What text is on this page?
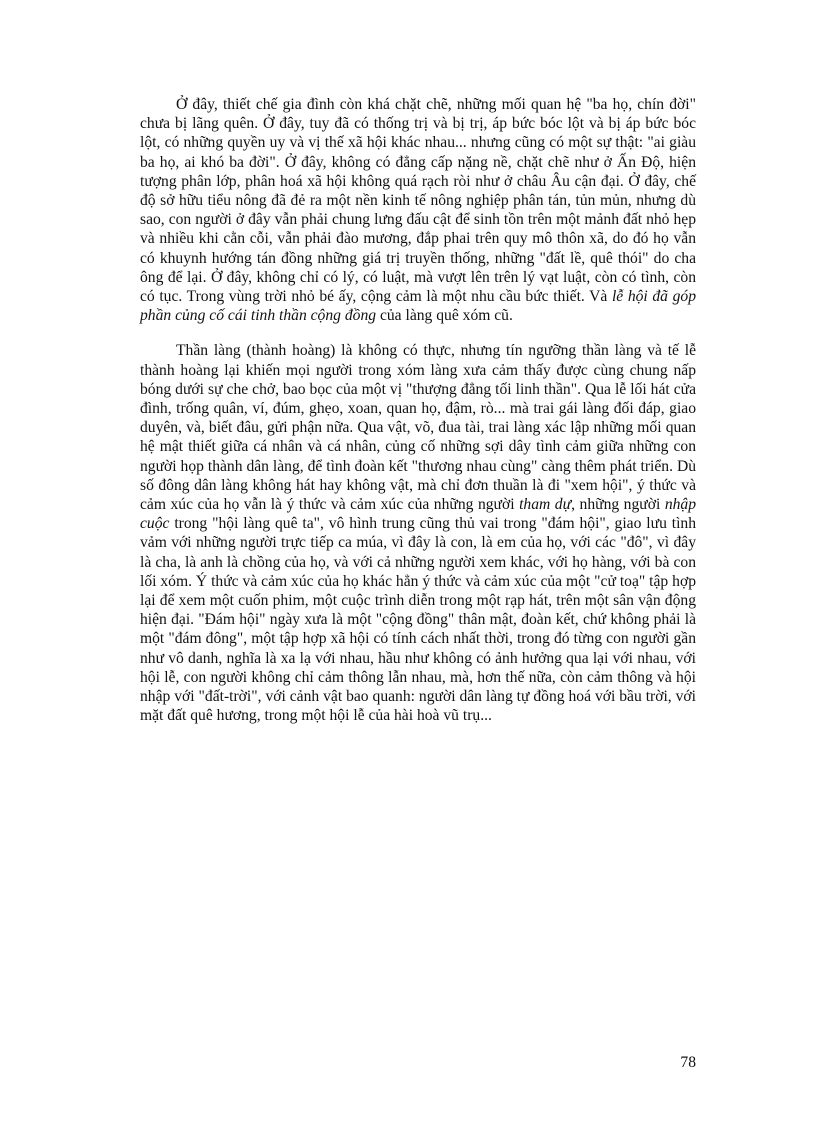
Ở đây, thiết chế gia đình còn khá chặt chẽ, những mối quan hệ "ba họ, chín đời" chưa bị lãng quên. Ở đây, tuy đã có thống trị và bị trị, áp bức bóc lột và bị áp bức bóc lột, có những quyền uy và vị thế xã hội khác nhau... nhưng cũng có một sự thật: "ai giàu ba họ, ai khó ba đời". Ở đây, không có đẳng cấp nặng nề, chặt chẽ như ở Ấn Độ, hiện tượng phân lớp, phân hoá xã hội không quá rạch ròi như ở châu Âu cận đại. Ở đây, chế độ sở hữu tiểu nông đã đẻ ra một nền kinh tế nông nghiệp phân tán, tủn mủn, nhưng dù sao, con người ở đây vẫn phải chung lưng đấu cật để sinh tồn trên một mảnh đất nhỏ hẹp và nhiều khi cằn cỗi, vẫn phải đào mương, đắp phai trên quy mô thôn xã, do đó họ vẫn có khuynh hướng tán đồng những giá trị truyền thống, những "đất lề, quê thói" do cha ông để lại. Ở đây, không chỉ có lý, có luật, mà vượt lên trên lý vạt luật, còn có tình, còn có tục. Trong vùng trời nhỏ bé ấy, cộng cảm là một nhu cầu bức thiết. Và lễ hội đã góp phần củng cố cái tinh thần cộng đồng của làng quê xóm cũ.

Thần làng (thành hoàng) là không có thực, nhưng tín ngưỡng thần làng và tế lễ thành hoàng lại khiến mọi người trong xóm làng xưa cảm thấy được cùng chung nấp bóng dưới sự che chở, bao bọc của một vị "thượng đẳng tối linh thần". Qua lễ lối hát cửa đình, trống quân, ví, đúm, ghẹo, xoan, quan họ, đậm, rò... mà trai gái làng đối đáp, giao duyên, và, biết đâu, gửi phận nữa. Qua vật, võ, đua tài, trai làng xác lập những mối quan hệ mật thiết giữa cá nhân và cá nhân, củng cố những sợi dây tình cảm giữa những con người họp thành dân làng, để tình đoàn kết "thương nhau cùng" càng thêm phát triển. Dù số đông dân làng không hát hay không vật, mà chỉ đơn thuần là đi "xem hội", ý thức và cảm xúc của họ vẫn là ý thức và cảm xúc của những người tham dự, những người nhập cuộc trong "hội làng quê ta", vô hình trung cũng thủ vai trong "đám hội", giao lưu tình vảm với những người trực tiếp ca múa, vì đây là con, là em của họ, với các "đô", vì đây là cha, là anh là chồng của họ, và với cả những người xem khác, với họ hàng, với bà con lối xóm. Ý thức và cảm xúc của họ khác hẳn ý thức và cảm xúc của một "cử toạ" tập hợp lại để xem một cuốn phim, một cuộc trình diễn trong một rạp hát, trên một sân vận động hiện đại. "Đám hội" ngày xưa là một "cộng đồng" thân mật, đoàn kết, chứ không phải là một "đám đông", một tập hợp xã hội có tính cách nhất thời, trong đó từng con người gần như vô danh, nghĩa là xa lạ với nhau, hầu như không có ảnh hưởng qua lại với nhau, với hội lễ, con người không chỉ cảm thông lẫn nhau, mà, hơn thế nữa, còn cảm thông và hội nhập với "đất-trời", với cảnh vật bao quanh: người dân làng tự đồng hoá với bầu trời, với mặt đất quê hương, trong một hội lễ của hài hoà vũ trụ...

78
